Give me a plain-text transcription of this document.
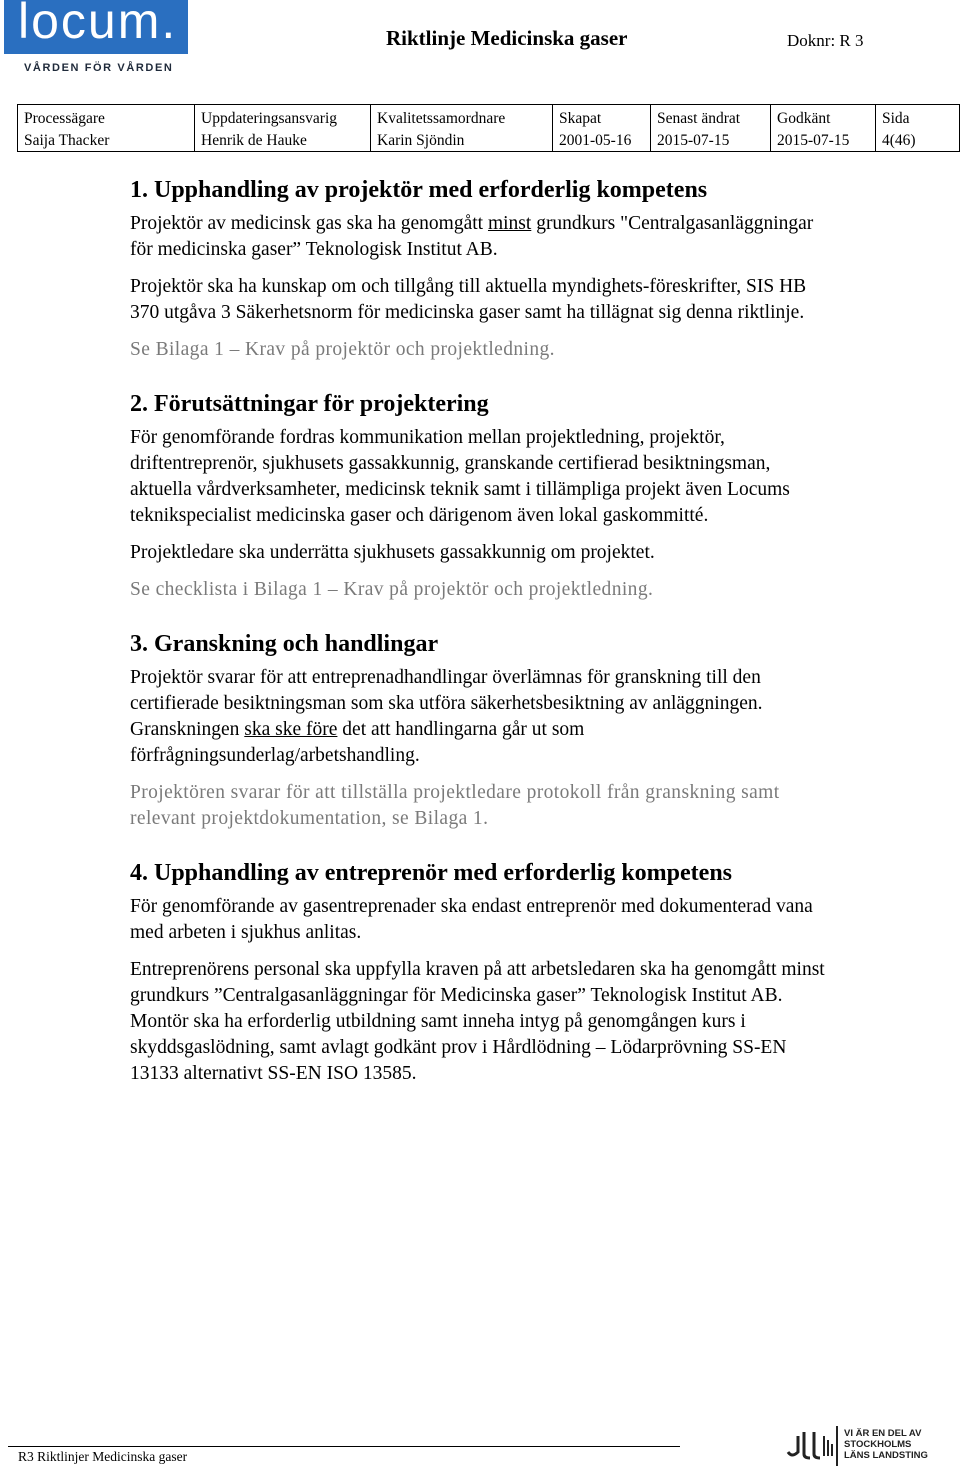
locum.
VÅRDEN FÖR VÅRDEN
Riktlinje Medicinska gaser	Doknr: R 3
Processägare
Saija Thacker
Uppdateringsansvarig
Henrik de Hauke
Kvalitetssamordnare
Karin Sjöndin
Skapat
2001-05-16
Senast ändrat
2015-07-15
Godkänt
2015-07-15
Sida
4(46)
1. Upphandling av projektör med erforderlig kompetens

Projektör av medicinsk gas ska ha genomgått minst grundkurs "Centralgasanläggningar för medicinska gaser” Teknologisk Institut AB.

Projektör ska ha kunskap om och tillgång till aktuella myndighets-föreskrifter, SIS HB 370 utgåva 3 Säkerhetsnorm för medicinska gaser samt ha tillägnat sig denna riktlinje.

Se Bilaga 1 – Krav på projektör och projektledning.

2. Förutsättningar för projektering

För genomförande fordras kommunikation mellan projektledning, projektör, driftentreprenör, sjukhusets gassakkunnig, granskande certifierad besiktningsman, aktuella vårdverksamheter, medicinsk teknik samt i tillämpliga projekt även Locums teknikspecialist medicinska gaser och därigenom även lokal gaskommitté.

Projektledare ska underrätta sjukhusets gassakkunnig om projektet.

Se checklista i Bilaga 1 – Krav på projektör och projektledning.

3. Granskning och handlingar

Projektör svarar för att entreprenadhandlingar överlämnas för granskning till den certifierade besiktningsman som ska utföra säkerhetsbesiktning av anläggningen. Granskningen ska ske före det att handlingarna går ut som förfrågningsunderlag/arbetshandling.

Projektören svarar för att tillställa projektledare protokoll från granskning samt relevant projektdokumentation, se Bilaga 1.

4. Upphandling av entreprenör med erforderlig kompetens

För genomförande av gasentreprenader ska endast entreprenör med dokumenterad vana med arbeten i sjukhus anlitas.

Entreprenörens personal ska uppfylla kraven på att arbetsledaren ska ha genomgått minst grundkurs ”Centralgasanläggningar för Medicinska gaser” Teknologisk Institut AB. Montör ska ha erforderlig utbildning samt inneha intyg på genomgången kurs i skyddsgaslödning, samt avlagt godkänt prov i Hårdlödning – Lödarprövning SS-EN 13133 alternativt SS-EN ISO 13585.

R3 Riktlinjer Medicinska gaser
VI ÄR EN DEL AV
STOCKHOLMS
LÄNS LANDSTING
